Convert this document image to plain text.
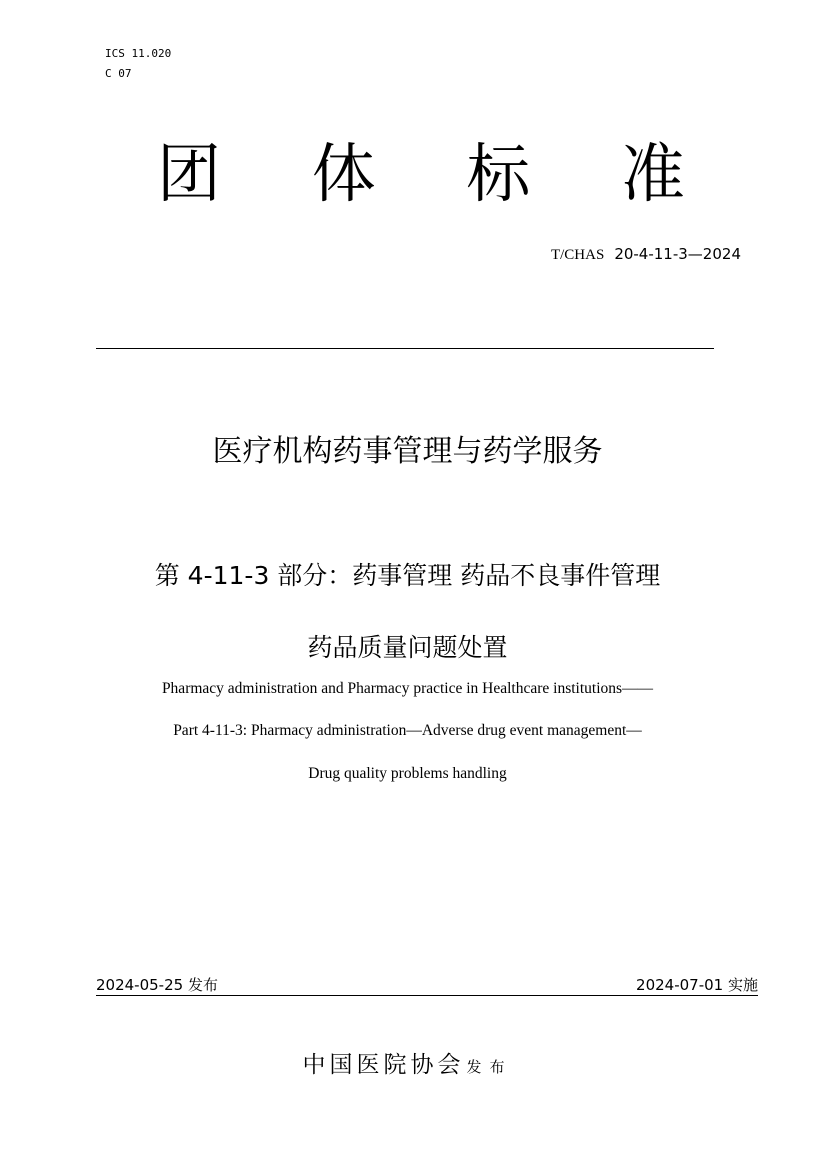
ICS 11.020
C 07
团 体 标 准
T/CHAS 20-4-11-3—2024
医疗机构药事管理与药学服务
第 4-11-3 部分：药事管理 药品不良事件管理
药品质量问题处置
Pharmacy administration and Pharmacy practice in Healthcare institutions——
Part 4-11-3: Pharmacy administration—Adverse drug event management—
Drug quality problems handling
2024-05-25 发布	2024-07-01 实施
中国医院协会 发布
